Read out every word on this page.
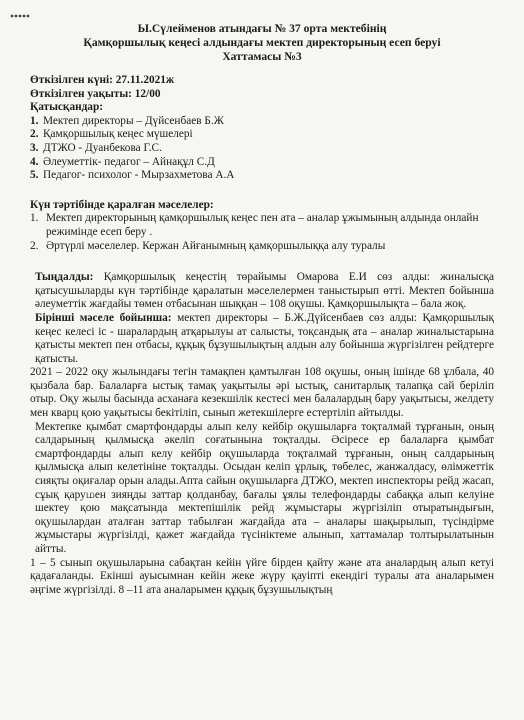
Ы.Сүлейменов атындағы № 37 орта мектебінің
Қамқоршылық кеңесі алдындағы мектеп директорының есеп беруі
Хаттамасы №3
Өткізілген күні: 27.11.2021ж
Өткізілген уақыты: 12/00
Қатысқандар:
1. Мектеп директоры – Дүйсенбаев Б.Ж
2. Қамқоршылық кеңес мүшелері
3. ДТЖО - Дуанбекова Г.С.
4. Әлеуметтік- педагог – Айнақұл С.Д
5. Педагог- психолог - Мырзахметова А.А
Күн тәртібінде қаралған мәселелер:
1. Мектеп директорының қамқоршылық кеңес пен ата – аналар ұжымының алдында онлайн режимінде есеп беру .
2. Әртүрлі мәселелер. Кержан Айғанымның қамқоршылыққа алу туралы
Тыңдалды: Қамқоршылық кеңестің төрайымы Омарова Е.И сөз алды: жиналысқа қатысушыларды күн тәртібінде қаралатын мәселелермен таныстырып өтті. Мектеп бойынша әлеуметтік жағдайы төмен отбасынан шыққан – 108 оқушы. Қамқоршылықта – бала жоқ.
Бірінші мәселе бойынша: мектеп директоры – Б.Ж.Дүйсенбаев сөз алды: Қамқоршылық кеңес келесі іс - шаралардың атқарылуы ат салысты, тоқсандық ата – аналар жиналыстарына қатысты мектеп пен отбасы, құқық бұзушылықтың алдын алу бойынша жүргізілген рейдтерге қатысты.
2021 – 2022 оқу жылындағы тегін тамақпен қамтылған 108 оқушы, оның ішінде 68 ұлбала, 40 қызбала бар. Балаларға ыстық тамақ уақытылы әрі ыстық, санитарлық талапқа сай беріліп отыр. Оқу жылы басында асханаға кезекшілік кестесі мен балалардың бару уақытысы, желдету мен кварц қою уақытысы бекітіліп, сынып жетекшілерге естертіліп айтылды.
Мектепке қымбат смартфондарды алып келу кейбір оқушыларға тоқталмай тұрғанын, оның салдарының қылмысқа әкеліп соғатынына тоқталды. Әсіресе ер балаларға қымбат смартфондарды алып келу кейбір оқушыларда тоқталмай тұрғанын, оның салдарының қылмысқа алып келетініне тоқталды. Осыдан келіп ұрлық, төбелес, жанжалдасу, өлімжеттік сияқты оқиғалар орын алады.Апта сайын оқушыларға ДТЖО, мектеп инспекторы рейд жасап, сұық қаруமен зияңды заттар қолданбау, бағалы ұялы телефондарды сабаққа алып келуіне шектеу қою мақсатында мектепішілік рейд жұмыстары жүргізіліп отыратындығын, оқушылардан аталған заттар табылған жағдайда ата – аналары шақырылып, түсіндірме жұмыстары жүргізілді, қажет жағдайда түсініктеме алынып, хаттамалар толтырылатынын айтты.
1 – 5 сынып оқушыларына сабақтан кейін үйге бірден қайту және ата аналардың алып кетуі қадағаланды. Екінші ауысымнан кейін жеке жүру қауіпті екендігі туралы ата аналарымен әңгіме жүргізілді. 8 –11 ата аналарымен құқық бұзушылықтың
